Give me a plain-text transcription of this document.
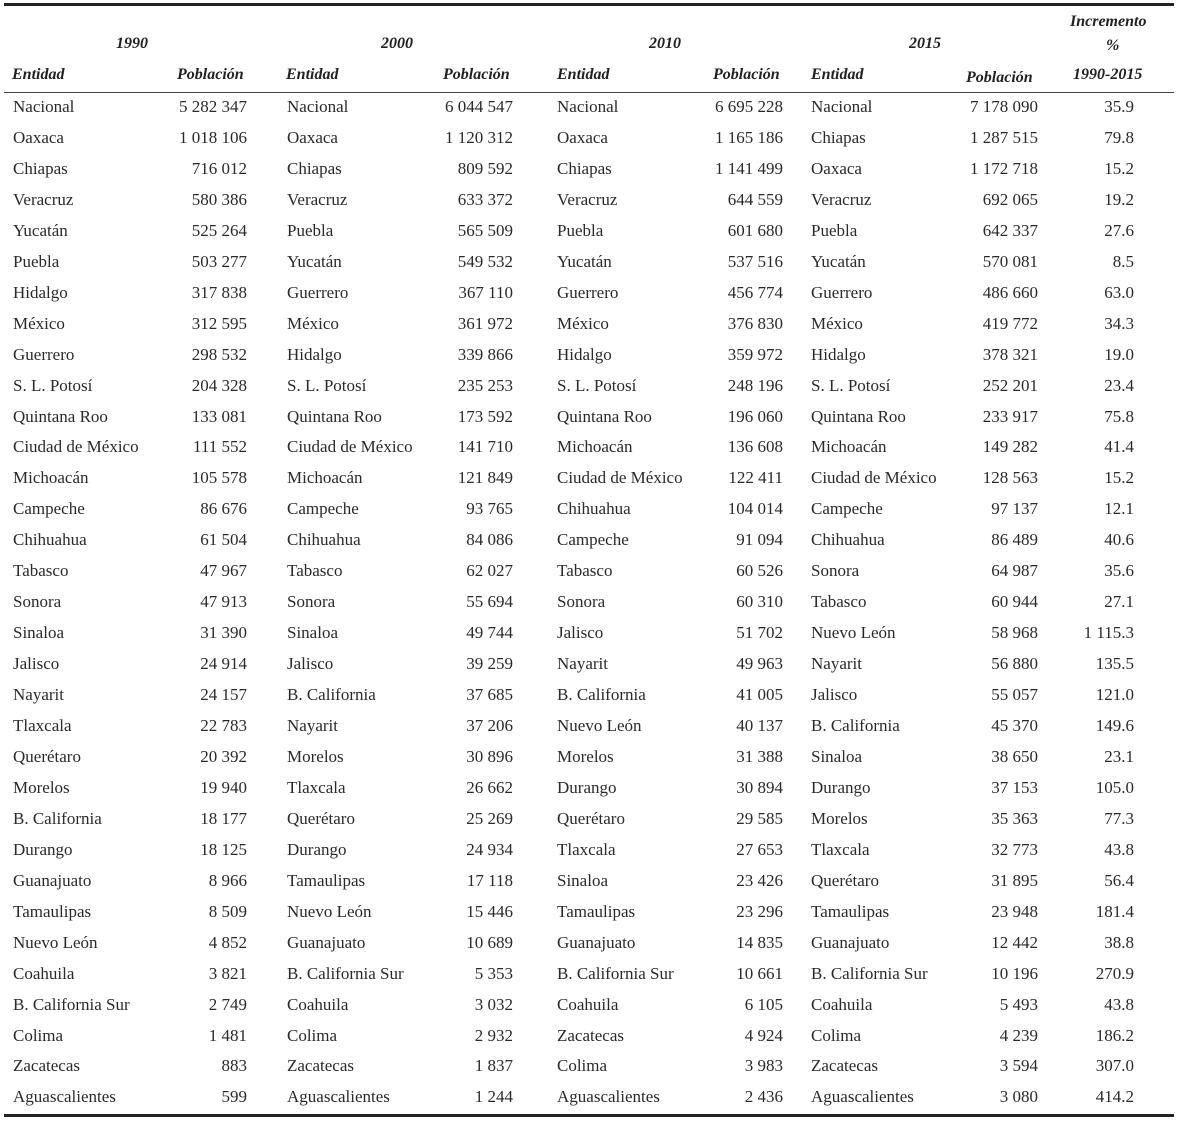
1990	2000	2010	2015
Incremento
%
Entidad	Población	Entidad	Población	Entidad	Población Entidad	Población	1990-2015
Nacional	5 282 347 Nacional	6 044 547	Nacional	6 695 228 Nacional	7 178 090	35.9
Oaxaca	1 018 106 Oaxaca	1 120 312	Oaxaca	1 165 186 Chiapas	1 287 515	79.8
Chiapas	716 012 Chiapas	809 592	Chiapas	1 141 499 Oaxaca	1 172 718	15.2
Veracruz	580 386 Veracruz	633 372	Veracruz	644 559 Veracruz	692 065	19.2
Yucatán	525 264 Puebla	565 509	Puebla	601 680 Puebla	642 337	27.6
Puebla	503 277 Yucatán	549 532	Yucatán	537 516 Yucatán	570 081	8.5
Hidalgo	317 838 Guerrero	367 110	Guerrero	456 774 Guerrero	486 660	63.0
México	312 595 México	361 972	México	376 830 México	419 772	34.3
Guerrero	298 532 Hidalgo	339 866	Hidalgo	359 972 Hidalgo	378 321	19.0
S. L. Potosí	204 328 S. L. Potosí	235 253	S. L. Potosí	248 196 S. L. Potosí	252 201	23.4
Quintana Roo	133 081 Quintana Roo	173 592	Quintana Roo	196 060 Quintana Roo	233 917	75.8
Ciudad de México	111 552 Ciudad de México	141 710	Michoacán	136 608 Michoacán	149 282	41.4
Michoacán	105 578 Michoacán	121 849	Ciudad de México	122 411 Ciudad de México	128 563	15.2
Campeche	86 676 Campeche	93 765	Chihuahua	104 014 Campeche	97 137	12.1
Chihuahua	61 504 Chihuahua	84 086	Campeche	91 094 Chihuahua	86 489	40.6
Tabasco	47 967 Tabasco	62 027	Tabasco	60 526 Sonora	64 987	35.6
Sonora	47 913 Sonora	55 694	Sonora	60 310 Tabasco	60 944	27.1
Sinaloa	31 390 Sinaloa	49 744	Jalisco	51 702 Nuevo León	58 968	1 115.3
Jalisco	24 914 Jalisco	39 259	Nayarit	49 963 Nayarit	56 880	135.5
Nayarit	24 157 B. California	37 685	B. California	41 005 Jalisco	55 057	121.0
Tlaxcala	22 783 Nayarit	37 206	Nuevo León	40 137 B. California	45 370	149.6
Querétaro	20 392 Morelos	30 896	Morelos	31 388 Sinaloa	38 650	23.1
Morelos	19 940 Tlaxcala	26 662	Durango	30 894 Durango	37 153	105.0
B. California	18 177 Querétaro	25 269	Querétaro	29 585 Morelos	35 363	77.3
Durango	18 125 Durango	24 934	Tlaxcala	27 653 Tlaxcala	32 773	43.8
Guanajuato	8 966 Tamaulipas	17 118	Sinaloa	23 426 Querétaro	31 895	56.4
Tamaulipas	8 509 Nuevo León	15 446	Tamaulipas	23 296 Tamaulipas	23 948	181.4
Nuevo León	4 852 Guanajuato	10 689	Guanajuato	14 835 Guanajuato	12 442	38.8
Coahuila	3 821 B. California Sur	5 353	B. California Sur	10 661 B. California Sur	10 196	270.9
B. California Sur	2 749 Coahuila	3 032	Coahuila	6 105 Coahuila	5 493	43.8
Colima	1 481 Colima	2 932	Zacatecas	4 924 Colima	4 239	186.2
Zacatecas	883 Zacatecas	1 837	Colima	3 983 Zacatecas	3 594	307.0
Aguascalientes	599 Aguascalientes	1 244	Aguascalientes	2 436 Aguascalientes	3 080	414.2
